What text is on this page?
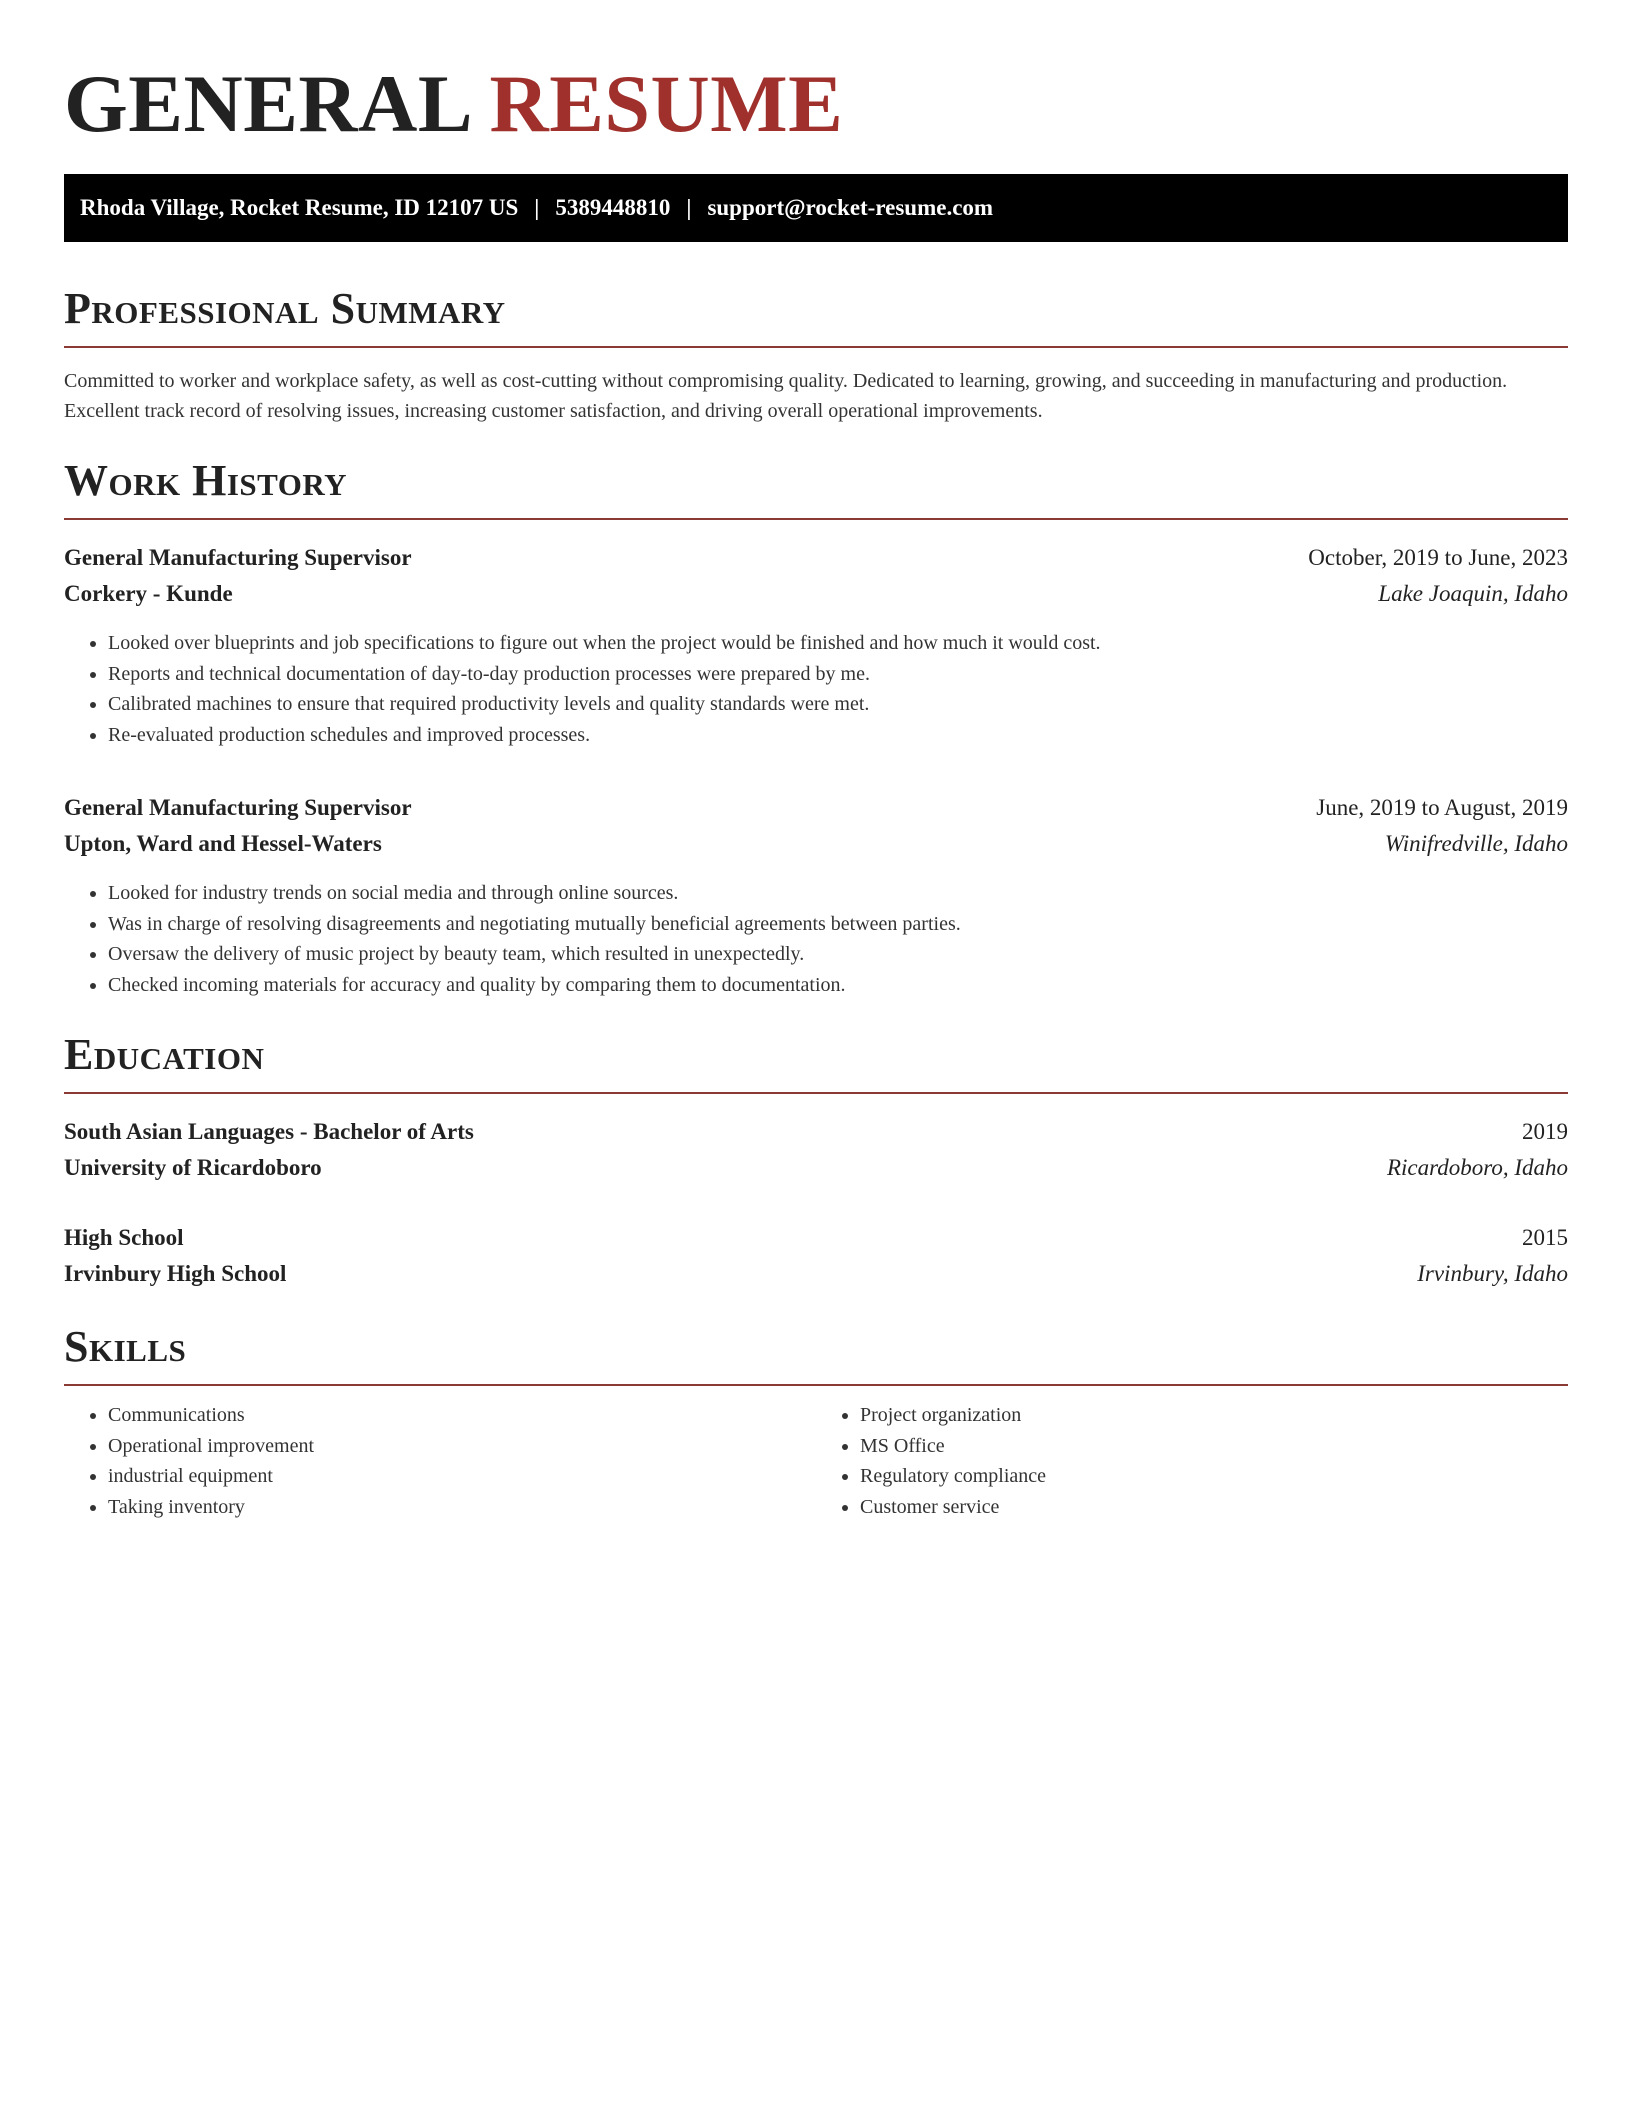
GENERAL RESUME
Rhoda Village, Rocket Resume, ID 12107 US | 5389448810 | support@rocket-resume.com
Professional Summary

Committed to worker and workplace safety, as well as cost-cutting without compromising quality. Dedicated to learning, growing, and succeeding in manufacturing and production. Excellent track record of resolving issues, increasing customer satisfaction, and driving overall operational improvements.

Work History
General Manufacturing Supervisor	October, 2019 to June, 2023
Corkery - Kunde	Lake Joaquin, Idaho
• Looked over blueprints and job specifications to figure out when the project would be finished and how much it would cost.
• Reports and technical documentation of day-to-day production processes were prepared by me.
• Calibrated machines to ensure that required productivity levels and quality standards were met.
• Re-evaluated production schedules and improved processes.
General Manufacturing Supervisor	June, 2019 to August, 2019
Upton, Ward and Hessel-Waters	Winifredville, Idaho
• Looked for industry trends on social media and through online sources.
• Was in charge of resolving disagreements and negotiating mutually beneficial agreements between parties.
• Oversaw the delivery of music project by beauty team, which resulted in unexpectedly.
• Checked incoming materials for accuracy and quality by comparing them to documentation.
Education
South Asian Languages - Bachelor of Arts	2019
University of Ricardoboro	Ricardoboro, Idaho
High School	2015
Irvinbury High School	Irvinbury, Idaho
Skills
• Communications
• Operational improvement
• industrial equipment
• Taking inventory
• Project organization
• MS Office
• Regulatory compliance
• Customer service
